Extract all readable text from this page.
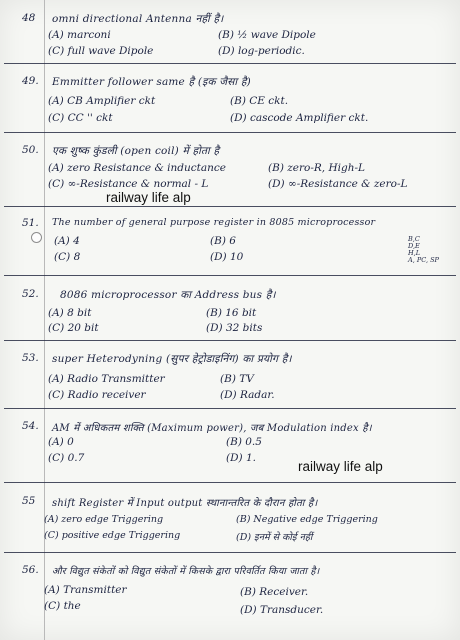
48 omni directional Antenna नहीं है।
(A) marconi	(B) ½ wave Dipole
(C) full wave Dipole	(D) log-periodic.
49. Emmitter follower same है (इक जैसा है)
(A) CB Amplifier ckt	(B) CE ckt.
(C) CC '' ckt	(D) cascode Amplifier ckt.
50. एक शुष्क कुंडली (open coil) में होता है
(A) zero Resistance & inductance	(B) zero-R, High-L
(C) ∞-Resistance & normal - L	(D) ∞-Resistance & zero-L
railway life alp
51. The number of general purpose register in 8085 microprocessor
(A) 4	(B) 6
(C) 8	(D) 10
B,C
D,E
H,L
A, PC, SP
52. 8086 microprocessor का Address bus है।
(A) 8 bit	(B) 16 bit
(C) 20 bit	(D) 32 bits
53. super Heterodyning (सुपर हेट्रोडाइनिंग) का प्रयोग है।
(A) Radio Transmitter	(B) TV
(C) Radio receiver	(D) Radar.
54. AM में अधिकतम शक्ति (Maximum power), जब Modulation index है।
(A) 0	(B) 0.5
(C) 0.7	(D) 1.
railway life alp
55 shift Register में Input output स्थानान्तरित के दौरान होता है।
(A) zero edge Triggering	(B) Negative edge Triggering
(C) positive edge Triggering	(D) इनमें से कोई नहीं
56. और विद्युत संकेतों को विद्युत संकेतों में किसके द्वारा परिवर्तित किया जाता है।
(A) Transmitter	(B) Receiver.
(C) the	(D) Transducer.
